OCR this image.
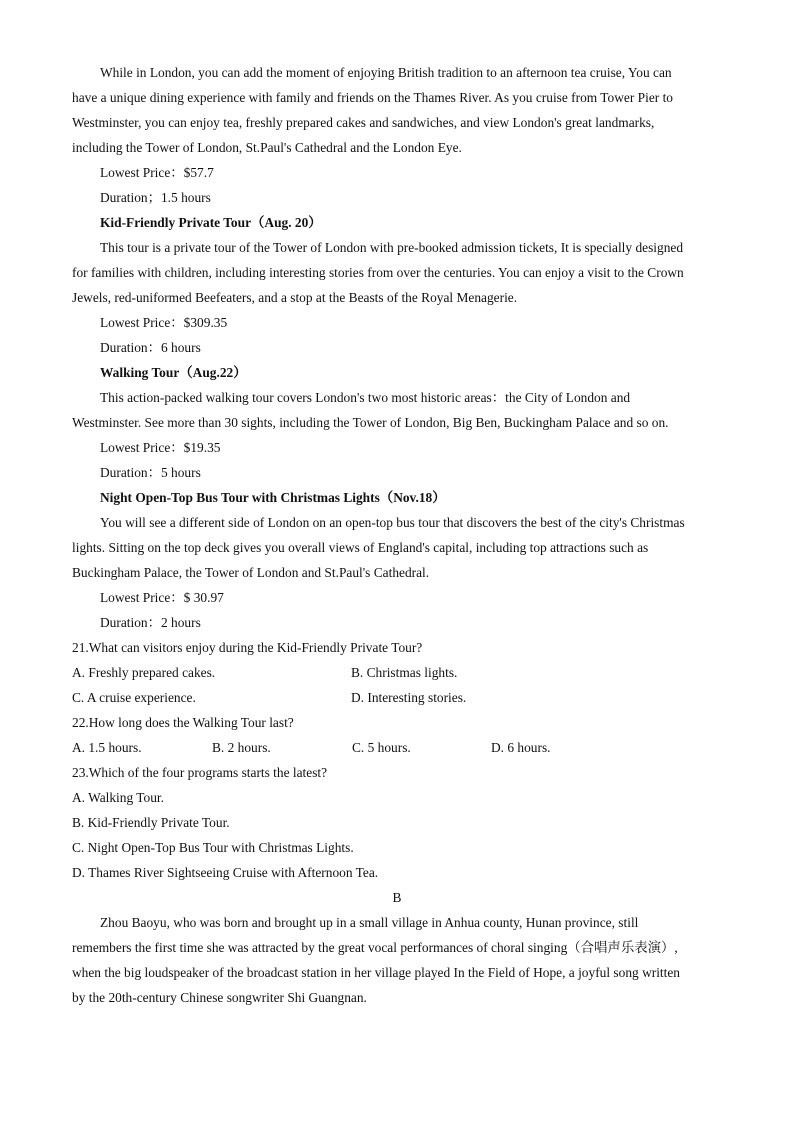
While in London, you can add the moment of enjoying British tradition to an afternoon tea cruise, You can
have a unique dining experience with family and friends on the Thames River. As you cruise from Tower Pier to
Westminster, you can enjoy tea, freshly prepared cakes and sandwiches, and view London's great landmarks,
including the Tower of London, St.Paul's Cathedral and the London Eye.
Lowest Price：$57.7
Duration；1.5 hours
Kid-Friendly Private Tour（Aug. 20）
This tour is a private tour of the Tower of London with pre-booked admission tickets, It is specially designed
for families with children, including interesting stories from over the centuries. You can enjoy a visit to the Crown
Jewels, red-uniformed Beefeaters, and a stop at the Beasts of the Royal Menagerie.
Lowest Price：$309.35
Duration：6 hours
Walking Tour（Aug.22）
This action-packed walking tour covers London's two most historic areas：the City of London and
Westminster. See more than 30 sights, including the Tower of London, Big Ben, Buckingham Palace and so on.
Lowest Price：$19.35
Duration：5 hours
Night Open-Top Bus Tour with Christmas Lights（Nov.18）
You will see a different side of London on an open-top bus tour that discovers the best of the city's Christmas
lights. Sitting on the top deck gives you overall views of England's capital, including top attractions such as
Buckingham Palace, the Tower of London and St.Paul's Cathedral.
Lowest Price：$ 30.97
Duration：2 hours
21.What can visitors enjoy during the Kid-Friendly Private Tour?
A. Freshly prepared cakes.	B. Christmas lights.
C. A cruise experience.	D. Interesting stories.
22.How long does the Walking Tour last?
A. 1.5 hours.	B. 2 hours.	C. 5 hours.	D. 6 hours.
23.Which of the four programs starts the latest?
A. Walking Tour.
B. Kid-Friendly Private Tour.
C. Night Open-Top Bus Tour with Christmas Lights.
D. Thames River Sightseeing Cruise with Afternoon Tea.
B
Zhou Baoyu, who was born and brought up in a small village in Anhua county, Hunan province, still
remembers the first time she was attracted by the great vocal performances of choral singing（合唱声乐表演）,
when the big loudspeaker of the broadcast station in her village played In the Field of Hope, a joyful song written
by the 20th-century Chinese songwriter Shi Guangnan.
